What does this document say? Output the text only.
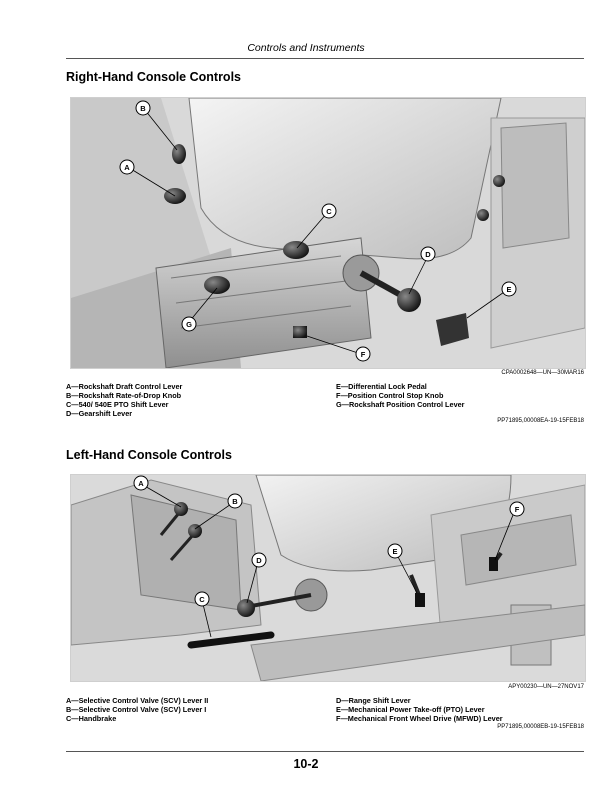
Controls and Instruments
Right-Hand Console Controls
A
B
C
D
E
F
G
CPA0002648—UN—30MAR16
A—Rockshaft Draft Control Lever
B—Rockshaft Rate-of-Drop Knob
C—540/ 540E PTO Shift Lever
D—Gearshift Lever
E—Differential Lock Pedal
F—Position Control Stop Knob
G—Rockshaft Position Control Lever
PP71895,00008EA-19-15FEB18
Left-Hand Console Controls
A
B
C
D
E
F
APY00230—UN—27NOV17
A—Selective Control Valve (SCV) Lever II
B—Selective Control Valve (SCV) Lever I
C—Handbrake
D—Range Shift Lever
E—Mechanical Power Take-off (PTO) Lever
F—Mechanical Front Wheel Drive (MFWD) Lever
PP71895,00008EB-19-15FEB18
10-2
